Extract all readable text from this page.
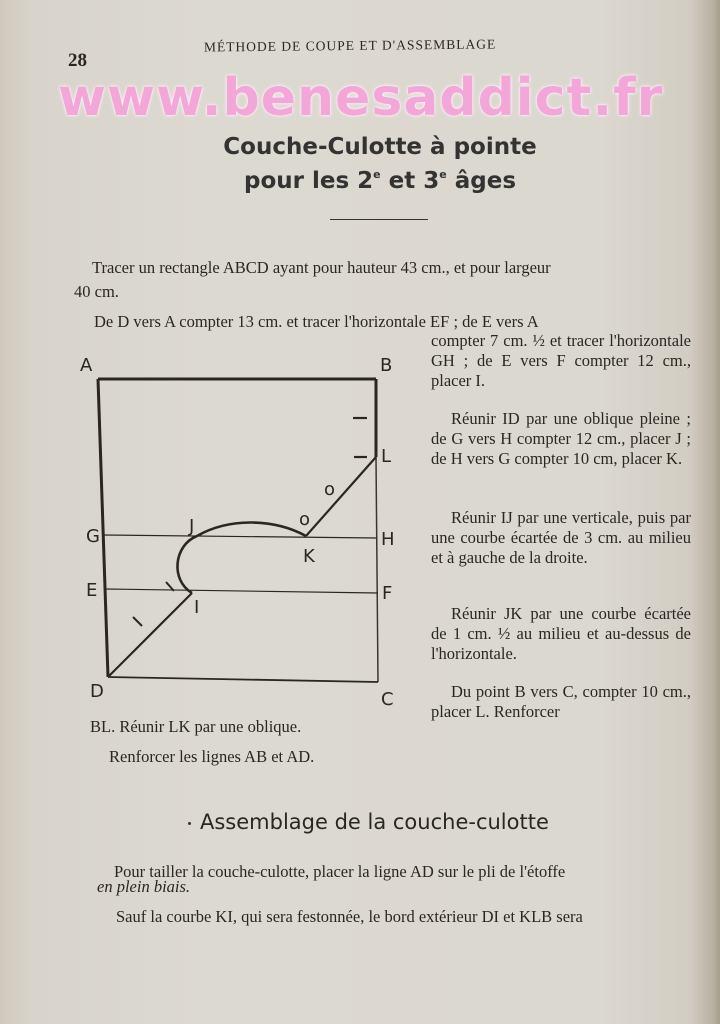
28
MÉTHODE DE COUPE ET D'ASSEMBLAGE
Couche-Culotte à pointe
pour les 2e et 3e âges
www.benesaddict.fr
Tracer un rectangle ABCD ayant pour hauteur 43 cm., et pour largeur
40 cm.
De D vers A compter 13 cm. et tracer l'horizontale EF ; de E vers A
compter 7 cm. ½ et tracer l'horizontale GH ; de E vers F compter 12 cm., placer I.
Réunir ID par une oblique pleine ; de G vers H compter 12 cm., placer J ; de H vers G compter 10 cm, placer K.
Réunir IJ par une verticale, puis par une courbe écartée de 3 cm. au milieu et à gauche de la droite.
Réunir JK par une courbe écartée de 1 cm. ½ au milieu et au-dessus de l'horizontale.
Du point B vers C, compter 10 cm., placer L. Renforcer
o
o
A	B
C
D
E	F
G	H
I
J
K
L
BL. Réunir LK par une oblique.
Renforcer les lignes AB et AD.
Assemblage de la couche-culotte
Pour tailler la couche-culotte, placer la ligne AD sur le pli de l'étoffe
en plein biais.
Sauf la courbe KI, qui sera festonnée, le bord extérieur DI et KLB sera
